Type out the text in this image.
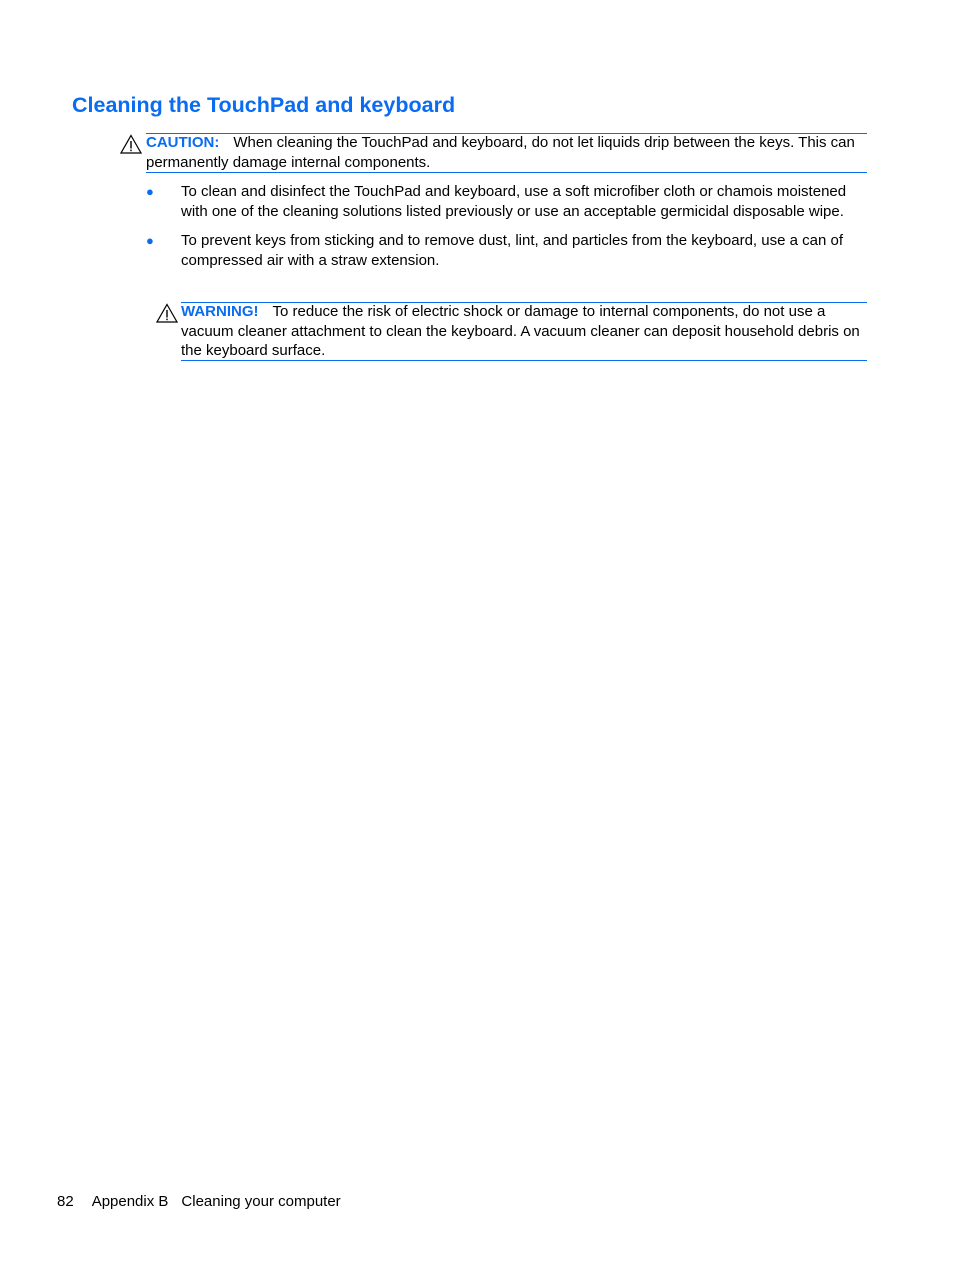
Cleaning the TouchPad and keyboard
CAUTION: When cleaning the TouchPad and keyboard, do not let liquids drip between the keys. This can permanently damage internal components.
● To clean and disinfect the TouchPad and keyboard, use a soft microfiber cloth or chamois moistened with one of the cleaning solutions listed previously or use an acceptable germicidal disposable wipe.
● To prevent keys from sticking and to remove dust, lint, and particles from the keyboard, use a can of compressed air with a straw extension.
WARNING! To reduce the risk of electric shock or damage to internal components, do not use a vacuum cleaner attachment to clean the keyboard. A vacuum cleaner can deposit household debris on the keyboard surface.
82 Appendix B Cleaning your computer
